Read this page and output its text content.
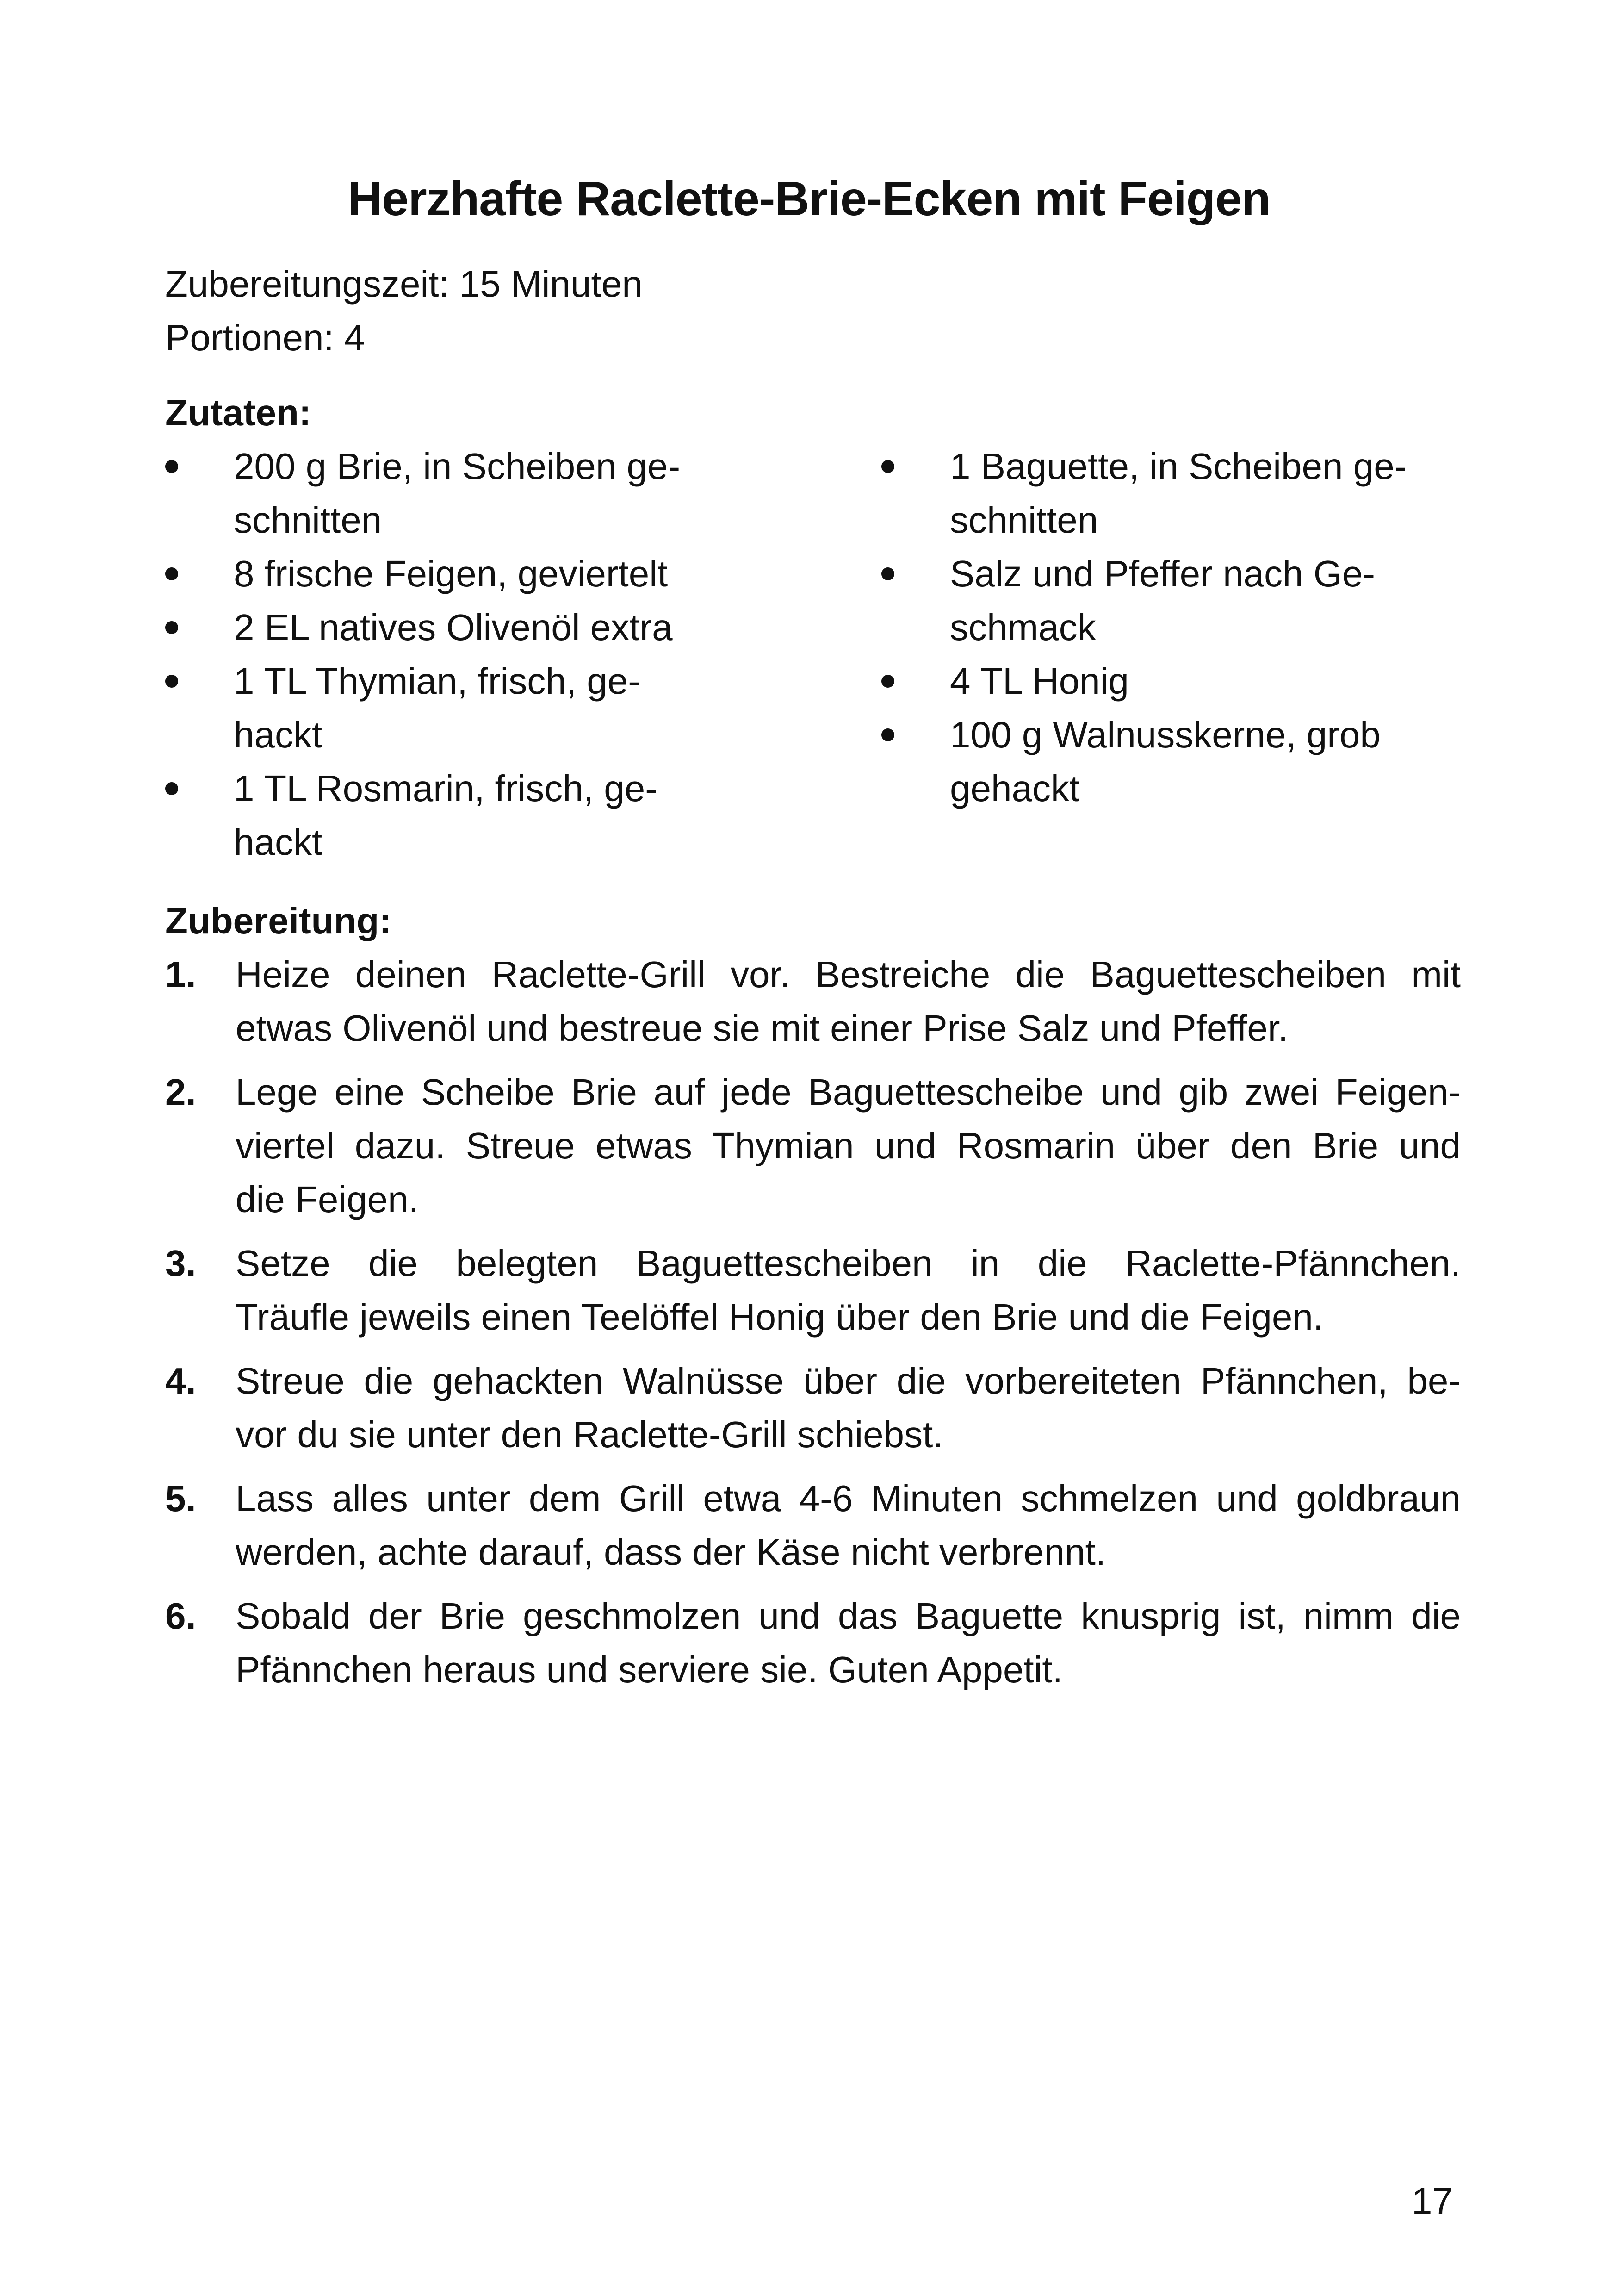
Herzhafte Raclette-Brie-Ecken mit Feigen
Zubereitungszeit: 15 Minuten
Portionen: 4
Zutaten:
200 g Brie, in Scheiben ge-
schnitten
8 frische Feigen, geviertelt
2 EL natives Olivenöl extra
1 TL Thymian, frisch, ge-
hackt
1 TL Rosmarin, frisch, ge-
hackt
1 Baguette, in Scheiben ge-
schnitten
Salz und Pfeffer nach Ge-
schmack
4 TL Honig
100 g Walnusskerne, grob
gehackt
Zubereitung:
1. Heize deinen Raclette-Grill vor. Bestreiche die Baguettescheiben mit
etwas Olivenöl und bestreue sie mit einer Prise Salz und Pfeffer.
2. Lege eine Scheibe Brie auf jede Baguettescheibe und gib zwei Feigen-
viertel dazu. Streue etwas Thymian und Rosmarin über den Brie und
die Feigen.
3. Setze die belegten Baguettescheiben in die Raclette-Pfännchen.
Träufle jeweils einen Teelöffel Honig über den Brie und die Feigen.
4. Streue die gehackten Walnüsse über die vorbereiteten Pfännchen, be-
vor du sie unter den Raclette-Grill schiebst.
5. Lass alles unter dem Grill etwa 4-6 Minuten schmelzen und goldbraun
werden, achte darauf, dass der Käse nicht verbrennt.
6. Sobald der Brie geschmolzen und das Baguette knusprig ist, nimm die
Pfännchen heraus und serviere sie. Guten Appetit.
17
